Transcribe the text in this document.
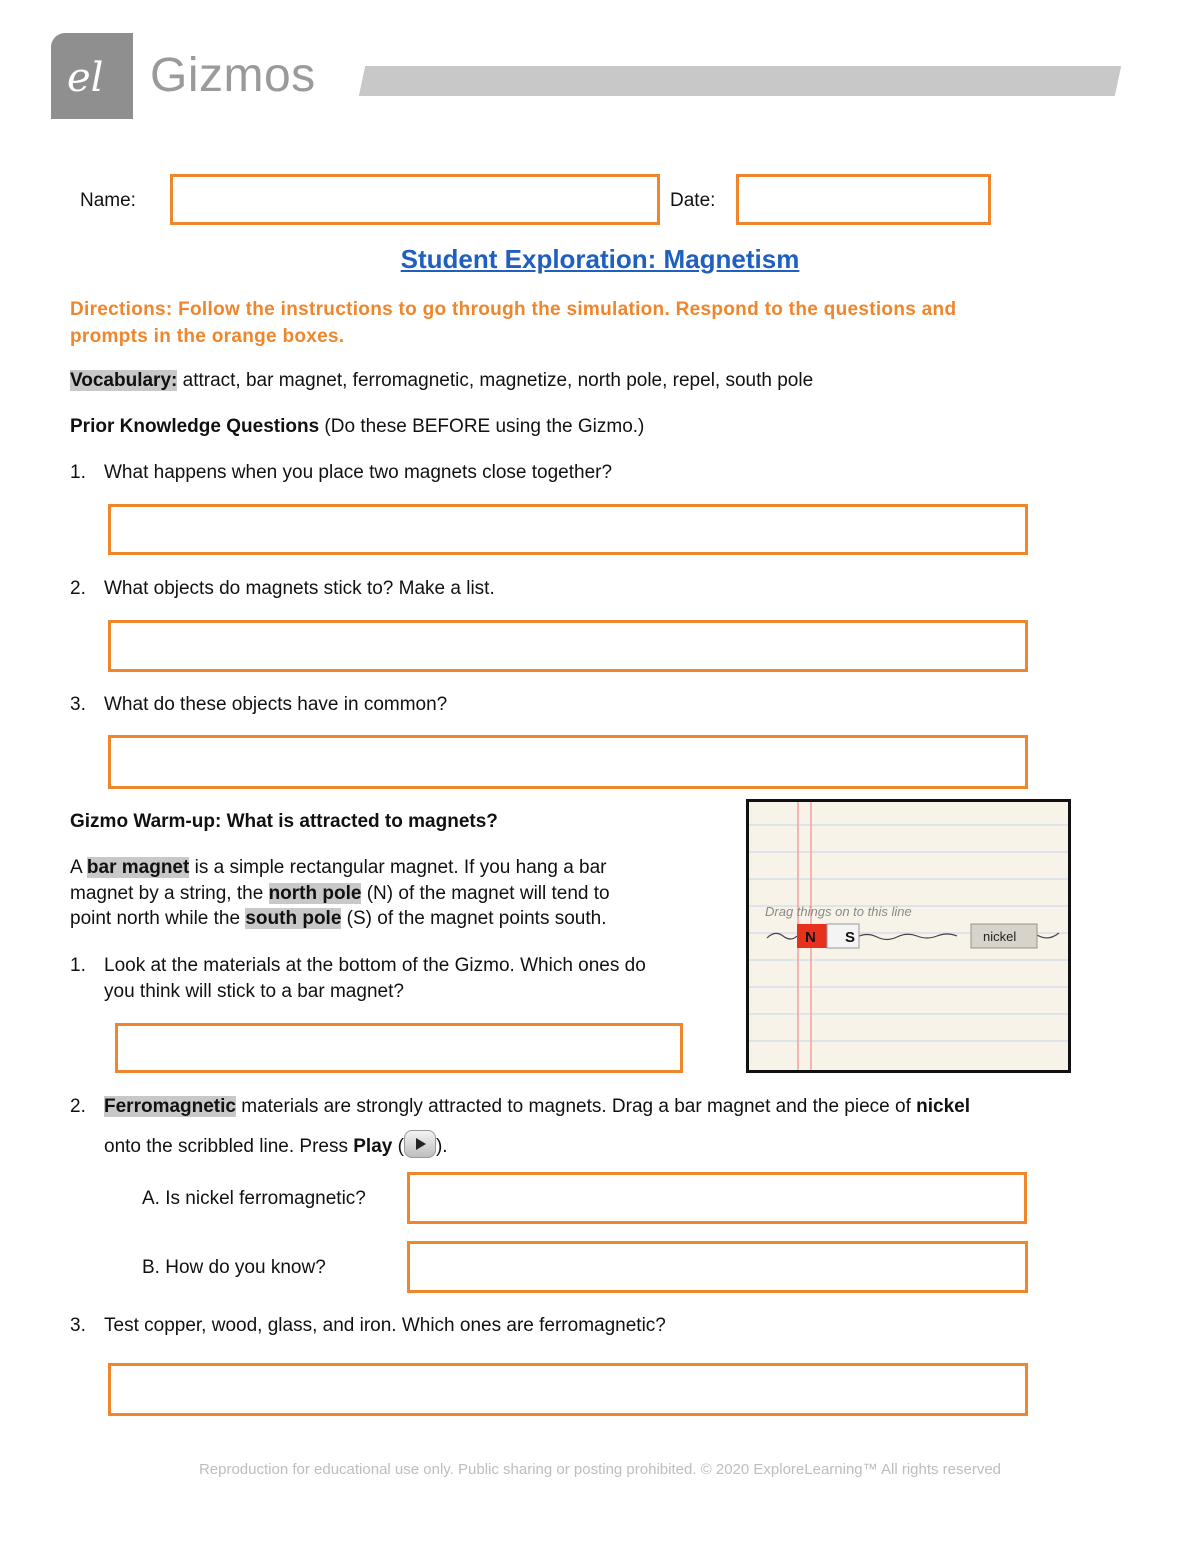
el Gizmos
Name:	Date:
Student Exploration: Magnetism
Directions: Follow the instructions to go through the simulation. Respond to the questions and
prompts in the orange boxes.
Vocabulary: attract, bar magnet, ferromagnetic, magnetize, north pole, repel, south pole
Prior Knowledge Questions (Do these BEFORE using the Gizmo.)
1. What happens when you place two magnets close together?
2. What objects do magnets stick to? Make a list.
3. What do these objects have in common?
Gizmo Warm-up: What is attracted to magnets?
A bar magnet is a simple rectangular magnet. If you hang a bar
magnet by a string, the north pole (N) of the magnet will tend to
point north while the south pole (S) of the magnet points south.
1. Look at the materials at the bottom of the Gizmo. Which ones do
you think will stick to a bar magnet?
Drag things on to this line
N S	nickel
2. Ferromagnetic materials are strongly attracted to magnets. Drag a bar magnet and the piece of nickel
onto the scribbled line. Press Play ( ).
A. Is nickel ferromagnetic?
B. How do you know?
3. Test copper, wood, glass, and iron. Which ones are ferromagnetic?
Reproduction for educational use only. Public sharing or posting prohibited. © 2020 ExploreLearning™ All rights reserved
